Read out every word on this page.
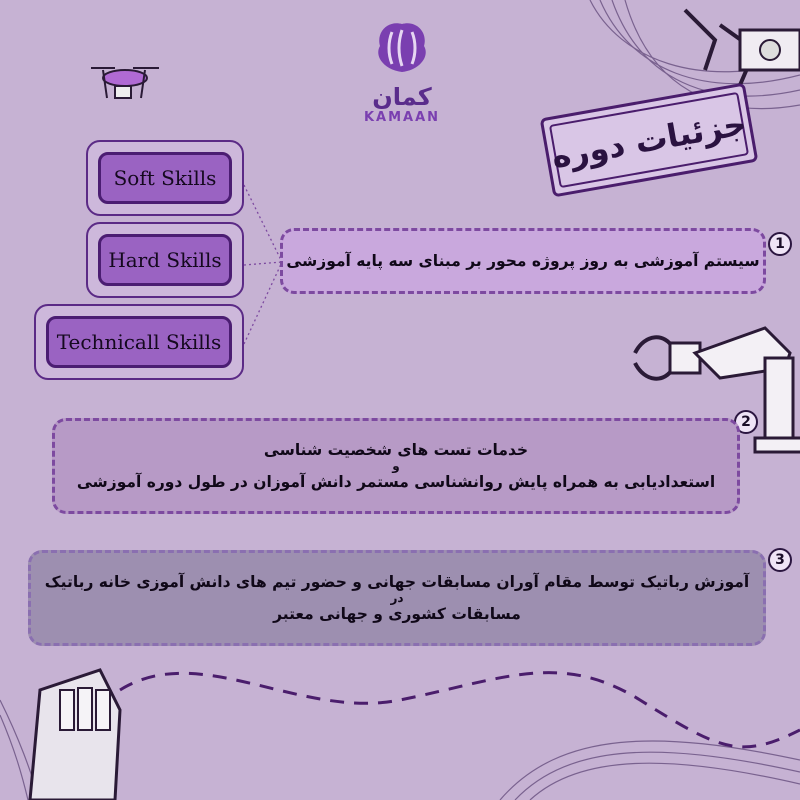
کمان
KAMAAN	جزئیات دوره
Soft Skills
Hard Skills
Technicall Skills
1
سیستم آموزشی به روز پروژه محور بر مبنای سه پایه آموزشی
2
خدمات تست های شخصیت شناسی
و
استعدادیابی به همراه پایش روانشناسی مستمر دانش آموزان در طول دوره آموزشی
3
آموزش رباتیک توسط مقام آوران مسابقات جهانی و حضور تیم های دانش آموزی خانه رباتیک
در
مسابقات کشوری و جهانی معتبر
